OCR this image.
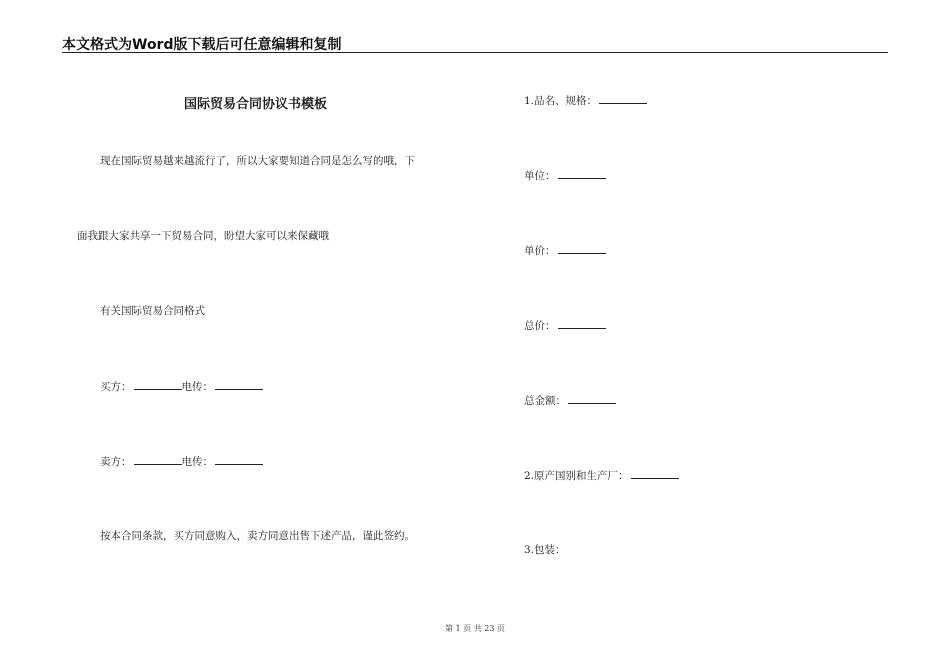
本文格式为Word版下载后可任意编辑和复制
国际贸易合同协议书模板
现在国际贸易越来越流行了，所以大家要知道合同是怎么写的哦，下
面我跟大家共享一下贸易合同，盼望大家可以来保藏哦
有关国际贸易合同格式
买方：	电传：
卖方：	电传：
按本合同条款，买方同意购入，卖方同意出售下述产品，谨此签约。
1.品名、规格：
单位：
单价：
总价：
总金额：
2.原产国别和生产厂：
3.包装：
第 1 页 共 23 页
